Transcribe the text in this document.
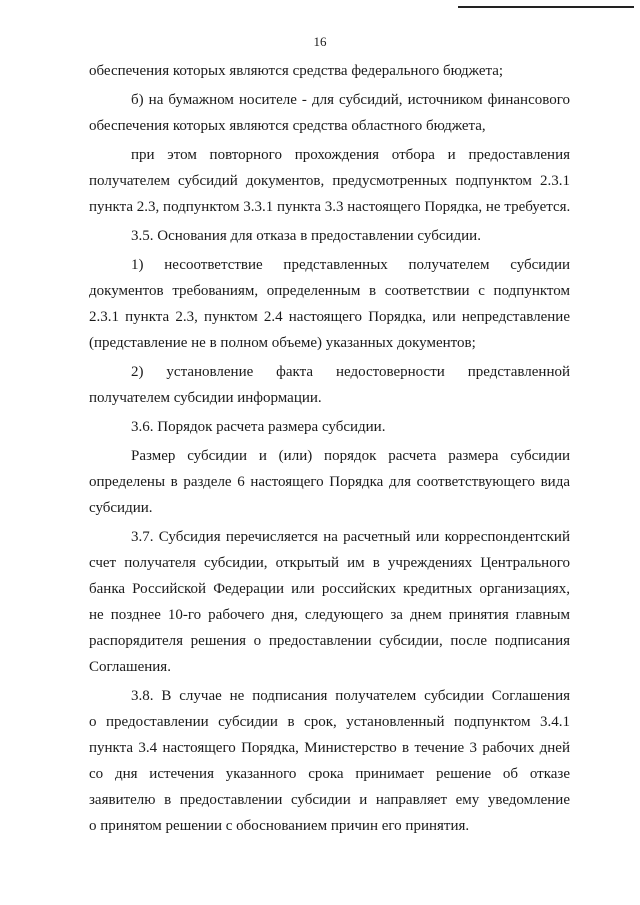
16
обеспечения которых являются средства федерального бюджета;
б) на бумажном носителе - для субсидий, источником финансового
обеспечения которых являются средства областного бюджета,
при этом повторного прохождения отбора и предоставления
получателем субсидий документов, предусмотренных подпунктом 2.3.1
пункта 2.3, подпунктом 3.3.1 пункта 3.3 настоящего Порядка, не требуется.
3.5. Основания для отказа в предоставлении субсидии.
1) несоответствие представленных получателем субсидии
документов требованиям, определенным в соответствии с подпунктом
2.3.1 пункта 2.3, пунктом 2.4 настоящего Порядка, или непредставление
(представление не в полном объеме) указанных документов;
2) установление факта недостоверности представленной
получателем субсидии информации.
3.6. Порядок расчета размера субсидии.
Размер субсидии и (или) порядок расчета размера субсидии
определены в разделе 6 настоящего Порядка для соответствующего вида
субсидии.
3.7. Субсидия перечисляется на расчетный или корреспондентский
счет получателя субсидии, открытый им в учреждениях Центрального
банка Российской Федерации или российских кредитных организациях,
не позднее 10-го рабочего дня, следующего за днем принятия главным
распорядителя решения о предоставлении субсидии, после подписания
Соглашения.
3.8. В случае не подписания получателем субсидии Соглашения
о предоставлении субсидии в срок, установленный подпунктом 3.4.1
пункта 3.4 настоящего Порядка, Министерство в течение 3 рабочих дней
со дня истечения указанного срока принимает решение об отказе
заявителю в предоставлении субсидии и направляет ему уведомление
о принятом решении с обоснованием причин его принятия.
